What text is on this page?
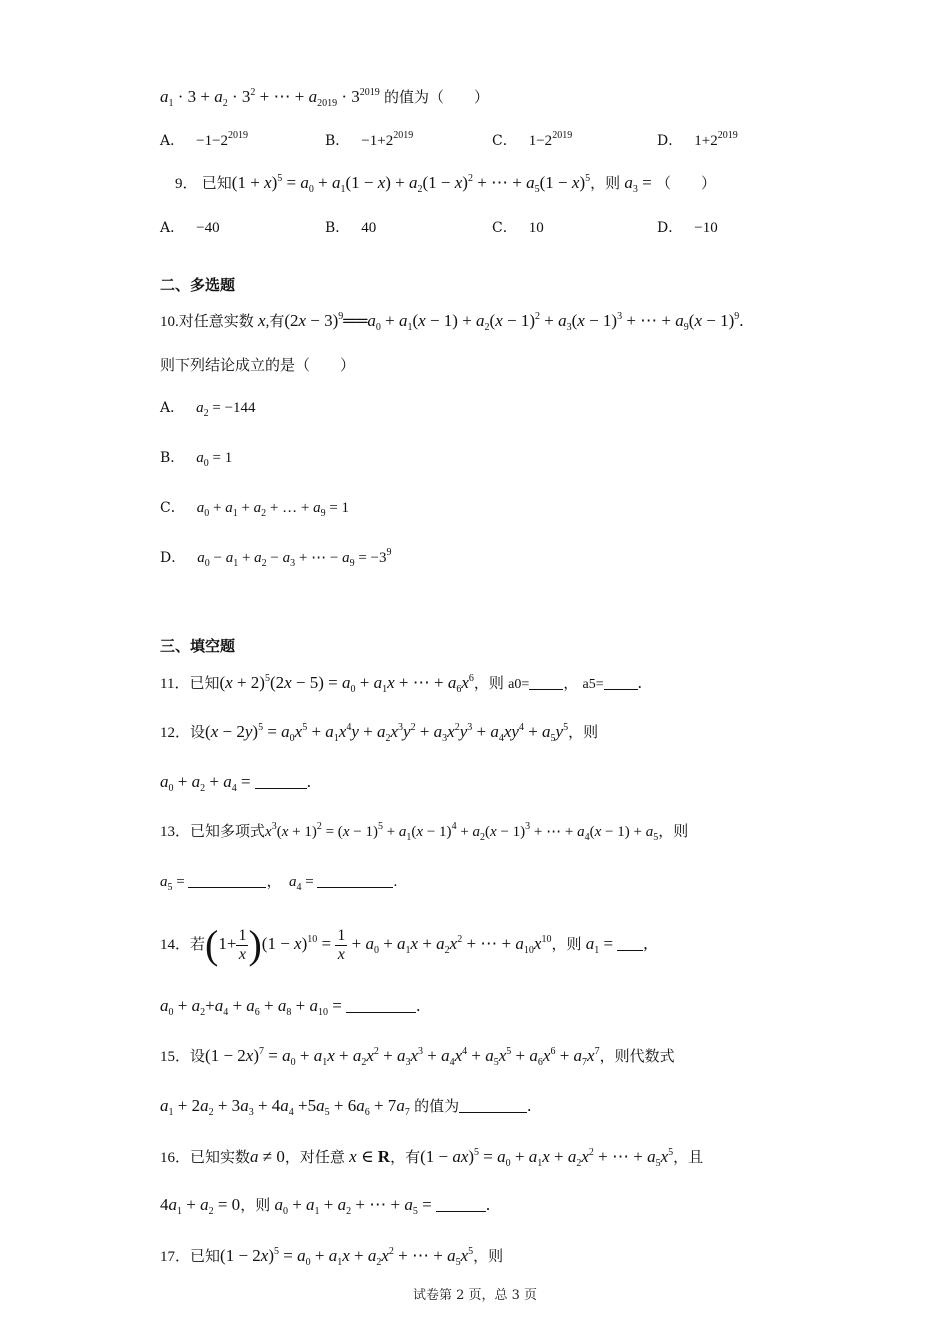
$a_1 \cdot 3 + a_2 \cdot 3^2$ + ⋯ + $a_{2019} \cdot 3^{2019}$ 的值为（　　）
A． $-1-2^{2019}$	B． $-1+2^{2019}$	C． $1-2^{2019}$	D． $1+2^{2019}$
9． 已知$(1 + x)^5 = a_0 + a_1(1 - x) + a_2(1 - x)^2$ + ⋯ + $a_5(1 - x)^5$，则 $a_3$ = （　　）
A． −40	B． 40	C． 10	D． −10
二、多选题
10.对任意实数 x,有$(2x - 3)^9══a_0 + a_1(x - 1) + a_2(x - 1)^2 + a_3(x - 1)^3$ + ⋯ + $a_9(x - 1)^9$.
则下列结论成立的是（　　）
A． $a_2 = -144$
B． $a_0 = 1$
C． $a_0 + a_1 + a_2$ + … + $a_9 = 1$
D． $a_0 - a_1 + a_2 - a_3$ + ⋯ − $a_9 = -3^9$
三、填空题
11．已知$(x + 2)^5(2x - 5) = a_0 + a_1x$ + ⋯ + $a_6x^6$，则 a0= ， a5= .
12．设$(x - 2y)^5 = a_0x^5 + a_1x^4y + a_2x^3y^2 + a_3x^2y^3 + a_4xy^4 + a_5y^5$，则
$a_0 + a_2 + a_4$ =	.
13．已知多项式$x^3(x + 1)^2 = (x - 1)^5 + a_1(x - 1)^4 + a_2(x - 1)^3$ + ⋯ + $a_4(x - 1) + a_5$，则
$a_5$ =	， $a_4$ =	.
14．若$(1+ \frac{1}{x} )(1 - x)^{10} = \frac{1}{x} + a_0 + a_1x + a_2x^2$ + ⋯ + $a_{10}x^{10}$，则 $a_1$ = ,
$a_0 + a_2+a_4 + a_6 + a_8 + a_{10}$ =	.
15．设$(1 - 2x)^7 = a_0 + a_1x + a_2x^2 + a_3x^3 + a_4x^4 + a_5x^5 + a_6x^6 + a_7x^7$，则代数式
$a_1 + 2a_2 + 3a_3 + 4a_4 +5a_5 + 6a_6 + 7a_7$ 的值为	.
16．已知实数a ≠ 0，对任意 x ∈ R，有$(1 - ax)^5 = a_0 + a_1x + a_2x^2$ + ⋯ + $a_5x^5$，且
$4a_1 + a_2 = 0$，则 $a_0 + a_1 + a_2$ + ⋯ + $a_5$ =	.
17．已知$(1 - 2x)^5 = a_0 + a_1x + a_2x^2$ + ⋯ + $a_5x^5$，则
试卷第 2 页，总 3 页
